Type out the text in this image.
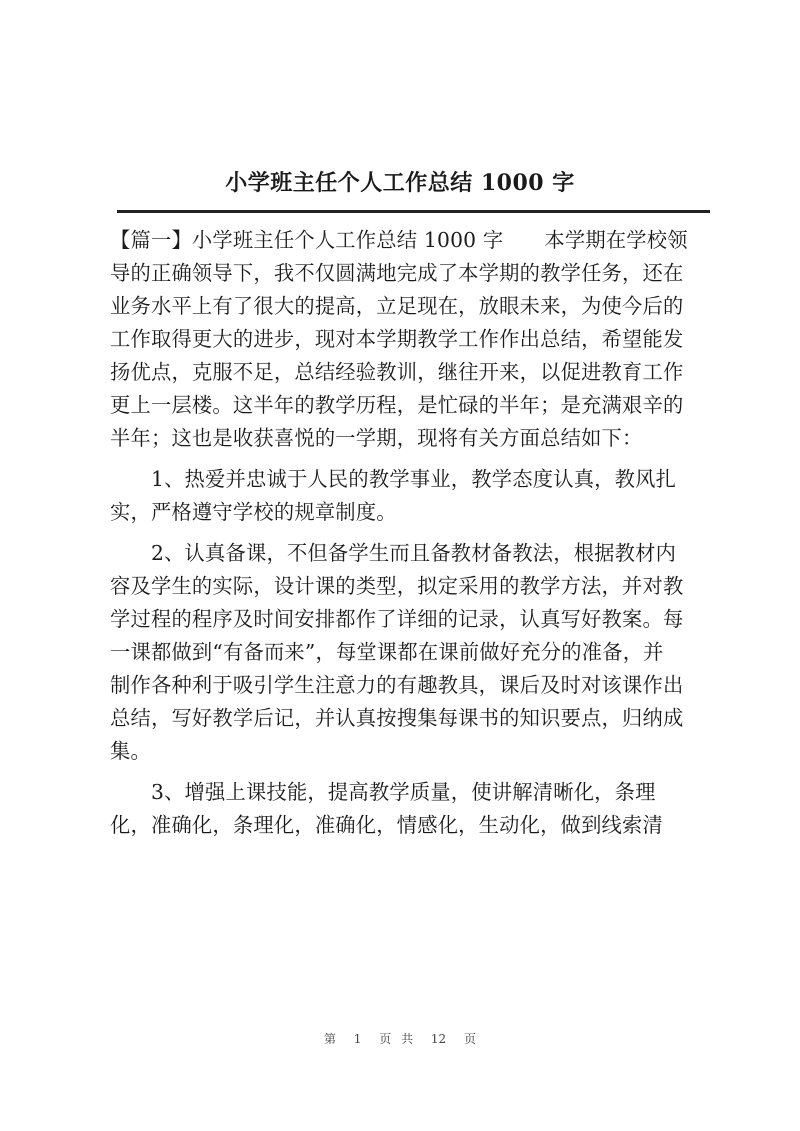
小学班主任个人工作总结 1000 字
【篇一】小学班主任个人工作总结 1000 字　　本学期在学校领
导的正确领导下，我不仅圆满地完成了本学期的教学任务，还在
业务水平上有了很大的提高，立足现在，放眼未来，为使今后的
工作取得更大的进步，现对本学期教学工作作出总结，希望能发
扬优点，克服不足，总结经验教训，继往开来，以促进教育工作
更上一层楼。这半年的教学历程，是忙碌的半年；是充满艰辛的
半年；这也是收获喜悦的一学期，现将有关方面总结如下：
　　1、热爱并忠诚于人民的教学事业，教学态度认真，教风扎
实，严格遵守学校的规章制度。
　　2、认真备课，不但备学生而且备教材备教法，根据教材内
容及学生的实际，设计课的类型，拟定采用的教学方法，并对教
学过程的程序及时间安排都作了详细的记录，认真写好教案。每
一课都做到“有备而来”，每堂课都在课前做好充分的准备，并
制作各种利于吸引学生注意力的有趣教具，课后及时对该课作出
总结，写好教学后记，并认真按搜集每课书的知识要点，归纳成
集。
　　3、增强上课技能，提高教学质量，使讲解清晰化，条理
化，准确化，条理化，准确化，情感化，生动化，做到线索清
第 1 页 共 12 页
